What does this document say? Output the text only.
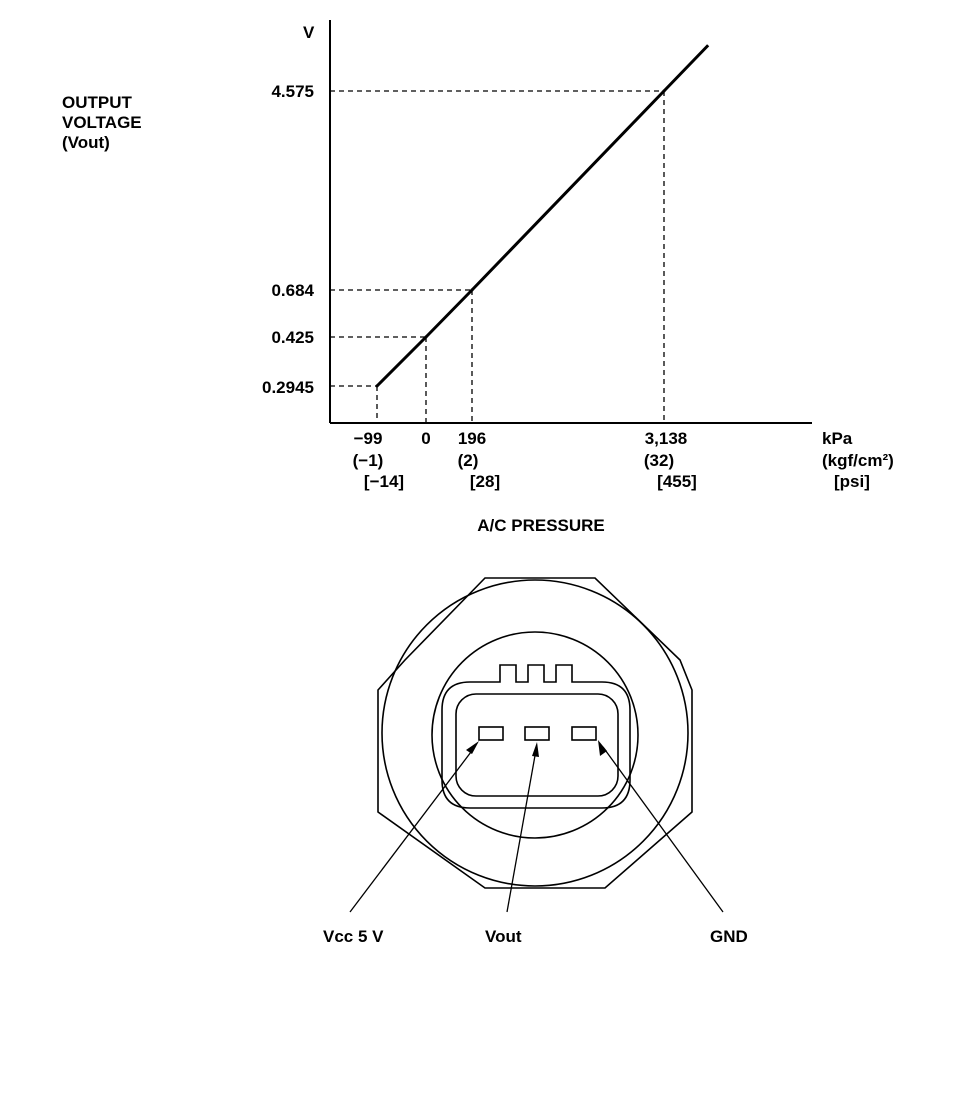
V
OUTPUT
VOLTAGE
(Vout)
4.575
0.684
0.425
0.2945
−99
(−1)
[−14]
0 196
(2)
[28]
3,138
(32)
[455]
kPa
(kgf/cm²)
[psi]
A/C PRESSURE
Vcc 5 V	Vout	GND
